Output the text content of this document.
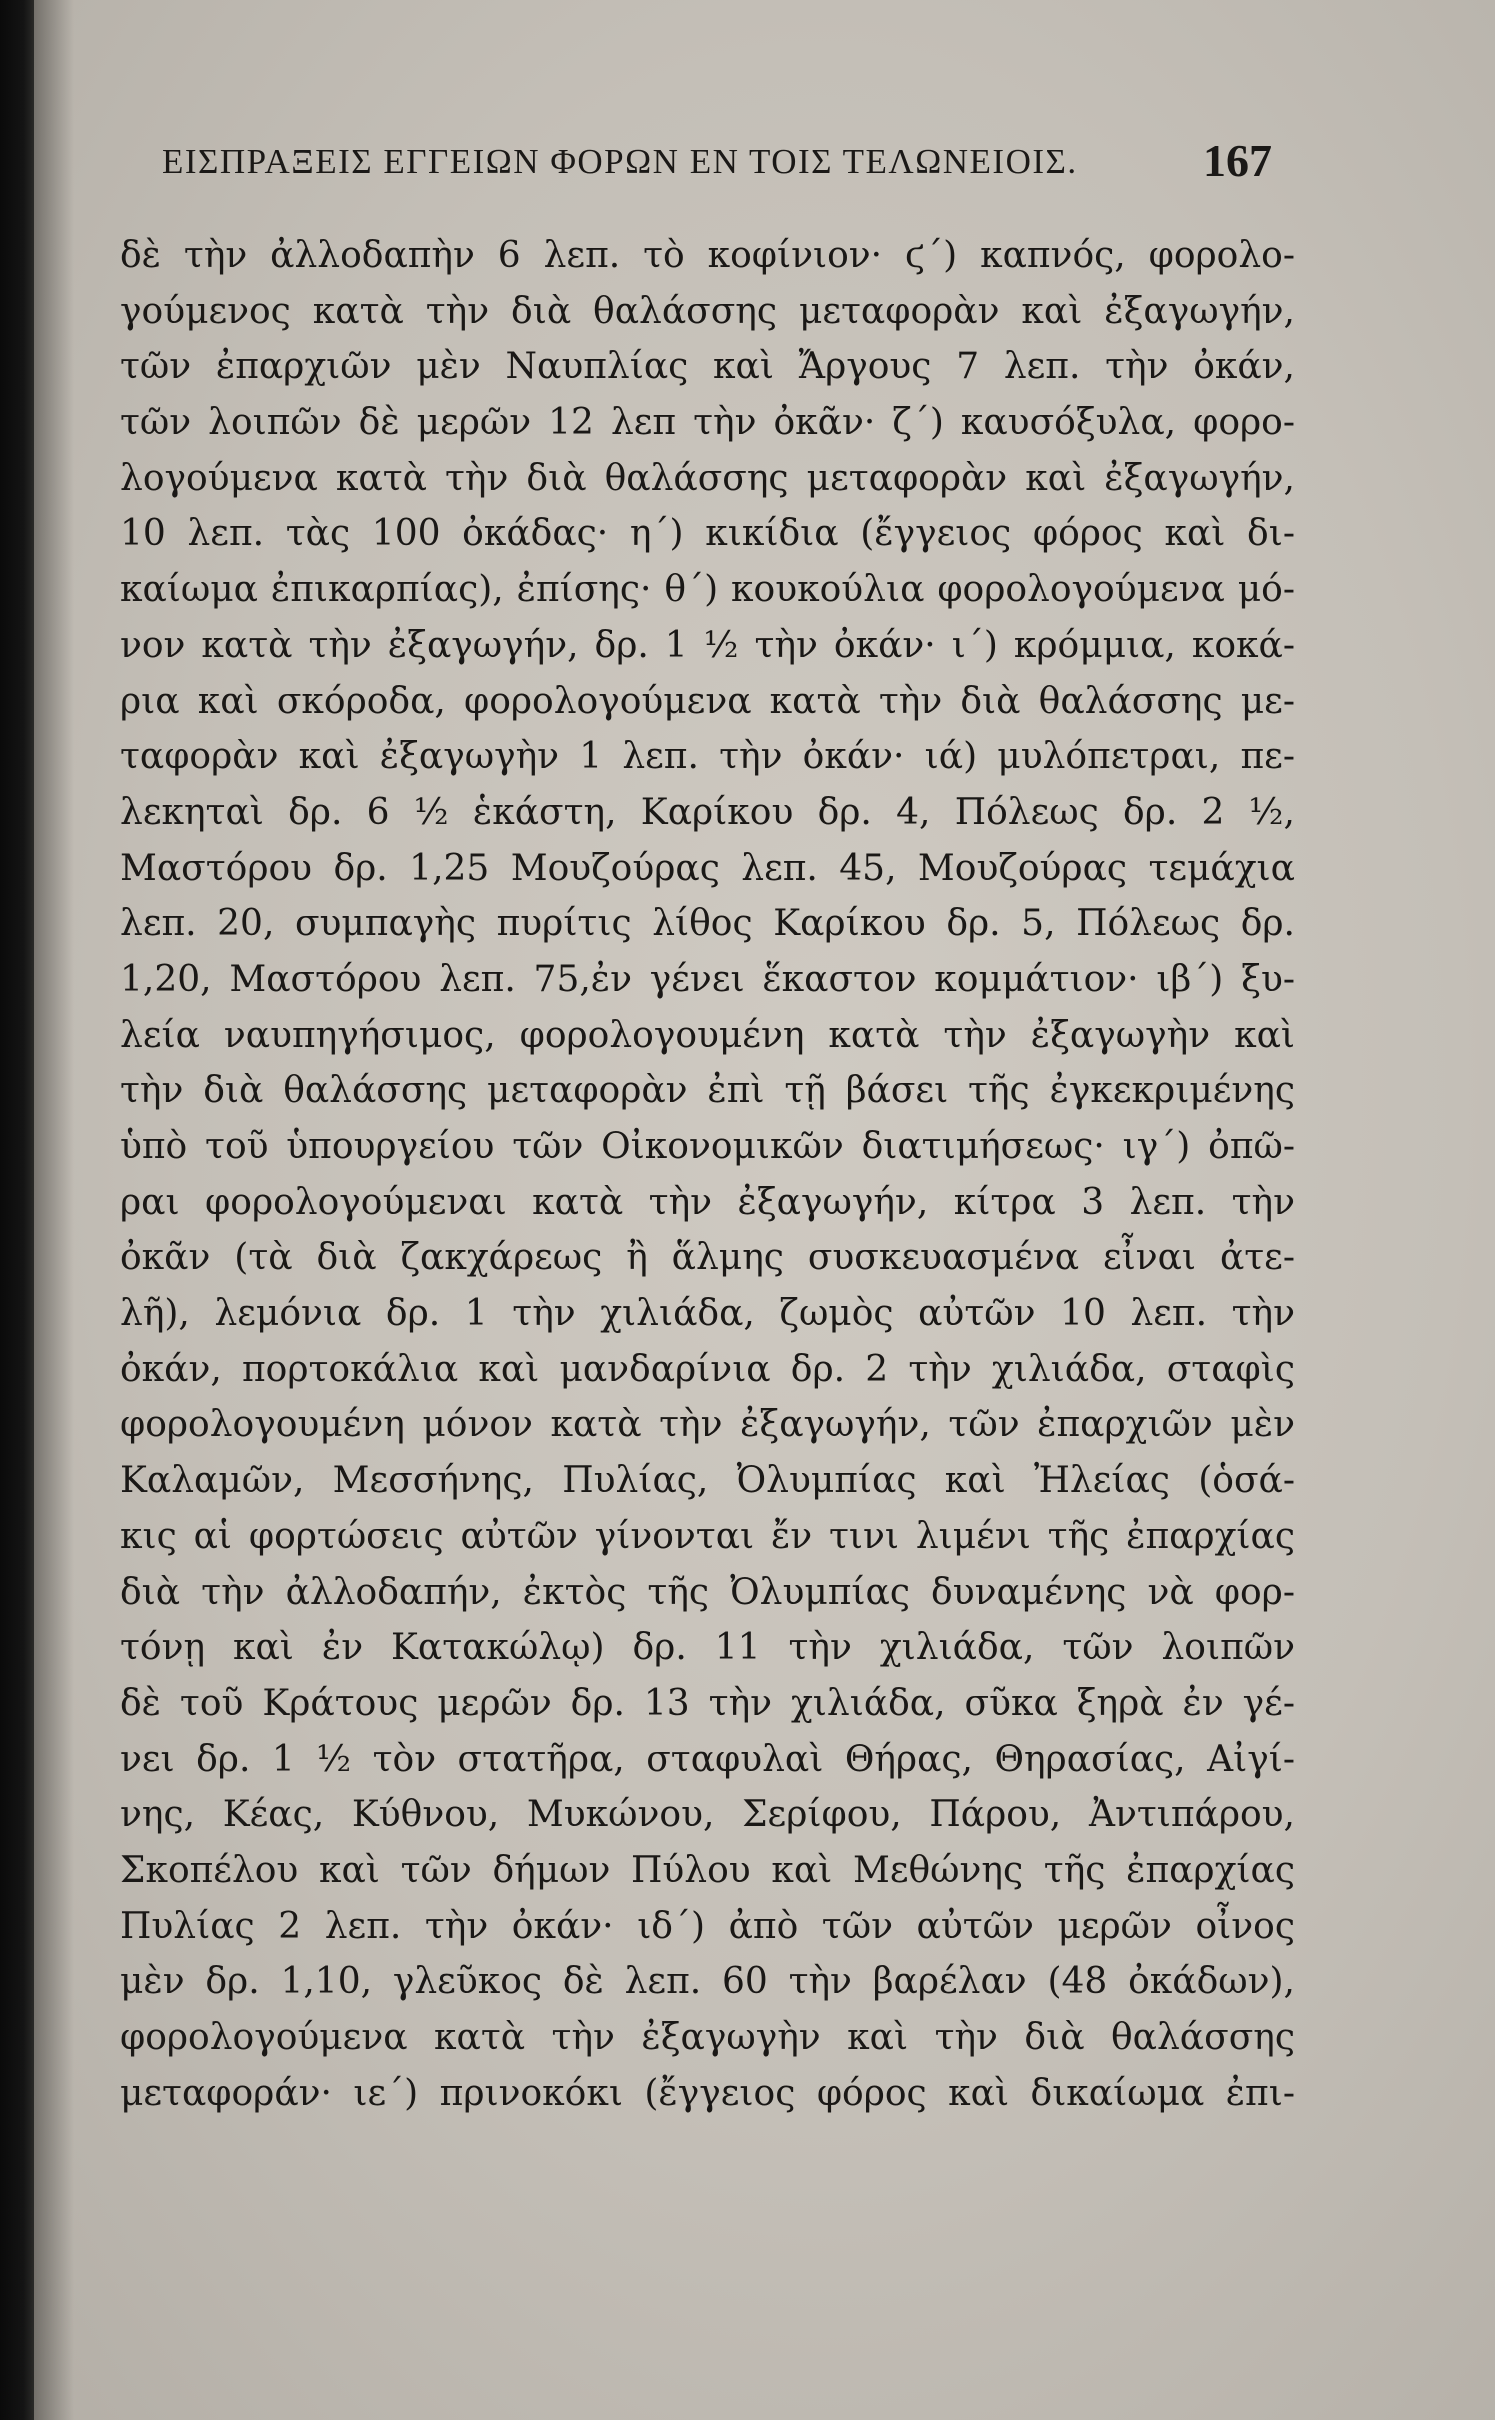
ΕΙΣΠΡΑΞΕΙΣ ΕΓΓΕΙΩΝ ΦΟΡΩΝ ΕΝ ΤΟΙΣ ΤΕΛΩΝΕΙΟΙΣ.	167
δὲ τὴν ἀλλοδαπὴν 6 λεπ. τὸ κοφίνιον· ϛ΄) καπνός, φορολο-
γούμενος κατὰ τὴν διὰ θαλάσσης μεταφορὰν καὶ ἐξαγωγήν,
τῶν ἐπαρχιῶν μὲν Ναυπλίας καὶ Ἄργους 7 λεπ. τὴν ὀκάν,
τῶν λοιπῶν δὲ μερῶν 12 λεπ τὴν ὀκᾶν· ζ΄) καυσόξυλα, φορο-
λογούμενα κατὰ τὴν διὰ θαλάσσης μεταφορὰν καὶ ἐξαγωγήν,
10 λεπ. τὰς 100 ὀκάδας· η΄) κικίδια (ἔγγειος φόρος καὶ δι-
καίωμα ἐπικαρπίας), ἐπίσης· θ΄) κουκούλια φορολογούμενα μό-
νον κατὰ τὴν ἐξαγωγήν, δρ. 1 ½ τὴν ὀκάν· ι΄) κρόμμια, κοκά-
ρια καὶ σκόροδα, φορολογούμενα κατὰ τὴν διὰ θαλάσσης με-
ταφορὰν καὶ ἐξαγωγὴν 1 λεπ. τὴν ὀκάν· ιά) μυλόπετραι, πε-
λεκηταὶ δρ. 6 ½ ἑκάστη, Καρίκου δρ. 4, Πόλεως δρ. 2 ½,
Μαστόρου δρ. 1,25 Μουζούρας λεπ. 45, Μουζούρας τεμάχια
λεπ. 20, συμπαγὴς πυρίτις λίθος Καρίκου δρ. 5, Πόλεως δρ.
1,20, Μαστόρου λεπ. 75,ἐν γένει ἕκαστον κομμάτιον· ιβ΄) ξυ-
λεία ναυπηγήσιμος, φορολογουμένη κατὰ τὴν ἐξαγωγὴν καὶ
τὴν διὰ θαλάσσης μεταφορὰν ἐπὶ τῇ βάσει τῆς ἐγκεκριμένης
ὑπὸ τοῦ ὑπουργείου τῶν Οἰκονομικῶν διατιμήσεως· ιγ΄) ὀπῶ-
ραι φορολογούμεναι κατὰ τὴν ἐξαγωγήν, κίτρα 3 λεπ. τὴν
ὀκᾶν (τὰ διὰ ζακχάρεως ἢ ἅλμης συσκευασμένα εἶναι ἀτε-
λῆ), λεμόνια δρ. 1 τὴν χιλιάδα, ζωμὸς αὐτῶν 10 λεπ. τὴν
ὀκάν, πορτοκάλια καὶ μανδαρίνια δρ. 2 τὴν χιλιάδα, σταφὶς
φορολογουμένη μόνον κατὰ τὴν ἐξαγωγήν, τῶν ἐπαρχιῶν μὲν
Καλαμῶν, Μεσσήνης, Πυλίας, Ὀλυμπίας καὶ Ἠλείας (ὁσά-
κις αἱ φορτώσεις αὐτῶν γίνονται ἔν τινι λιμένι τῆς ἐπαρχίας
διὰ τὴν ἀλλοδαπήν, ἐκτὸς τῆς Ὀλυμπίας δυναμένης νὰ φορ-
τόνῃ καὶ ἐν Κατακώλῳ) δρ. 11 τὴν χιλιάδα, τῶν λοιπῶν
δὲ τοῦ Κράτους μερῶν δρ. 13 τὴν χιλιάδα, σῦκα ξηρὰ ἐν γέ-
νει δρ. 1 ½ τὸν στατῆρα, σταφυλαὶ Θήρας, Θηρασίας, Αἰγί-
νης, Κέας, Κύθνου, Μυκώνου, Σερίφου, Πάρου, Ἀντιπάρου,
Σκοπέλου καὶ τῶν δήμων Πύλου καὶ Μεθώνης τῆς ἐπαρχίας
Πυλίας 2 λεπ. τὴν ὀκάν· ιδ΄) ἀπὸ τῶν αὐτῶν μερῶν οἶνος
μὲν δρ. 1,10, γλεῦκος δὲ λεπ. 60 τὴν βαρέλαν (48 ὀκάδων),
φορολογούμενα κατὰ τὴν ἐξαγωγὴν καὶ τὴν διὰ θαλάσσης
μεταφοράν· ιε΄) πρινοκόκι (ἔγγειος φόρος καὶ δικαίωμα ἐπι-
